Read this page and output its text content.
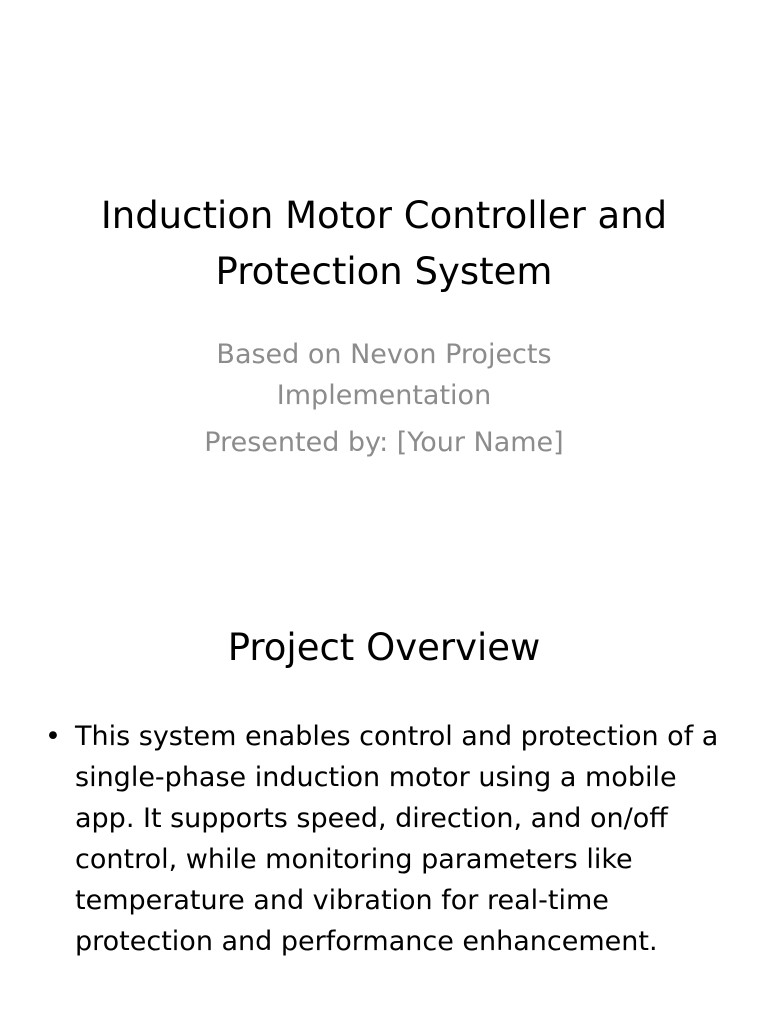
Induction Motor Controller and
Protection System
Based on Nevon Projects
Implementation
Presented by: [Your Name]
Project Overview
• This system enables control and protection of a single-phase induction motor using a mobile app. It supports speed, direction, and on/off control, while monitoring parameters like temperature and vibration for real-time protection and performance enhancement.
